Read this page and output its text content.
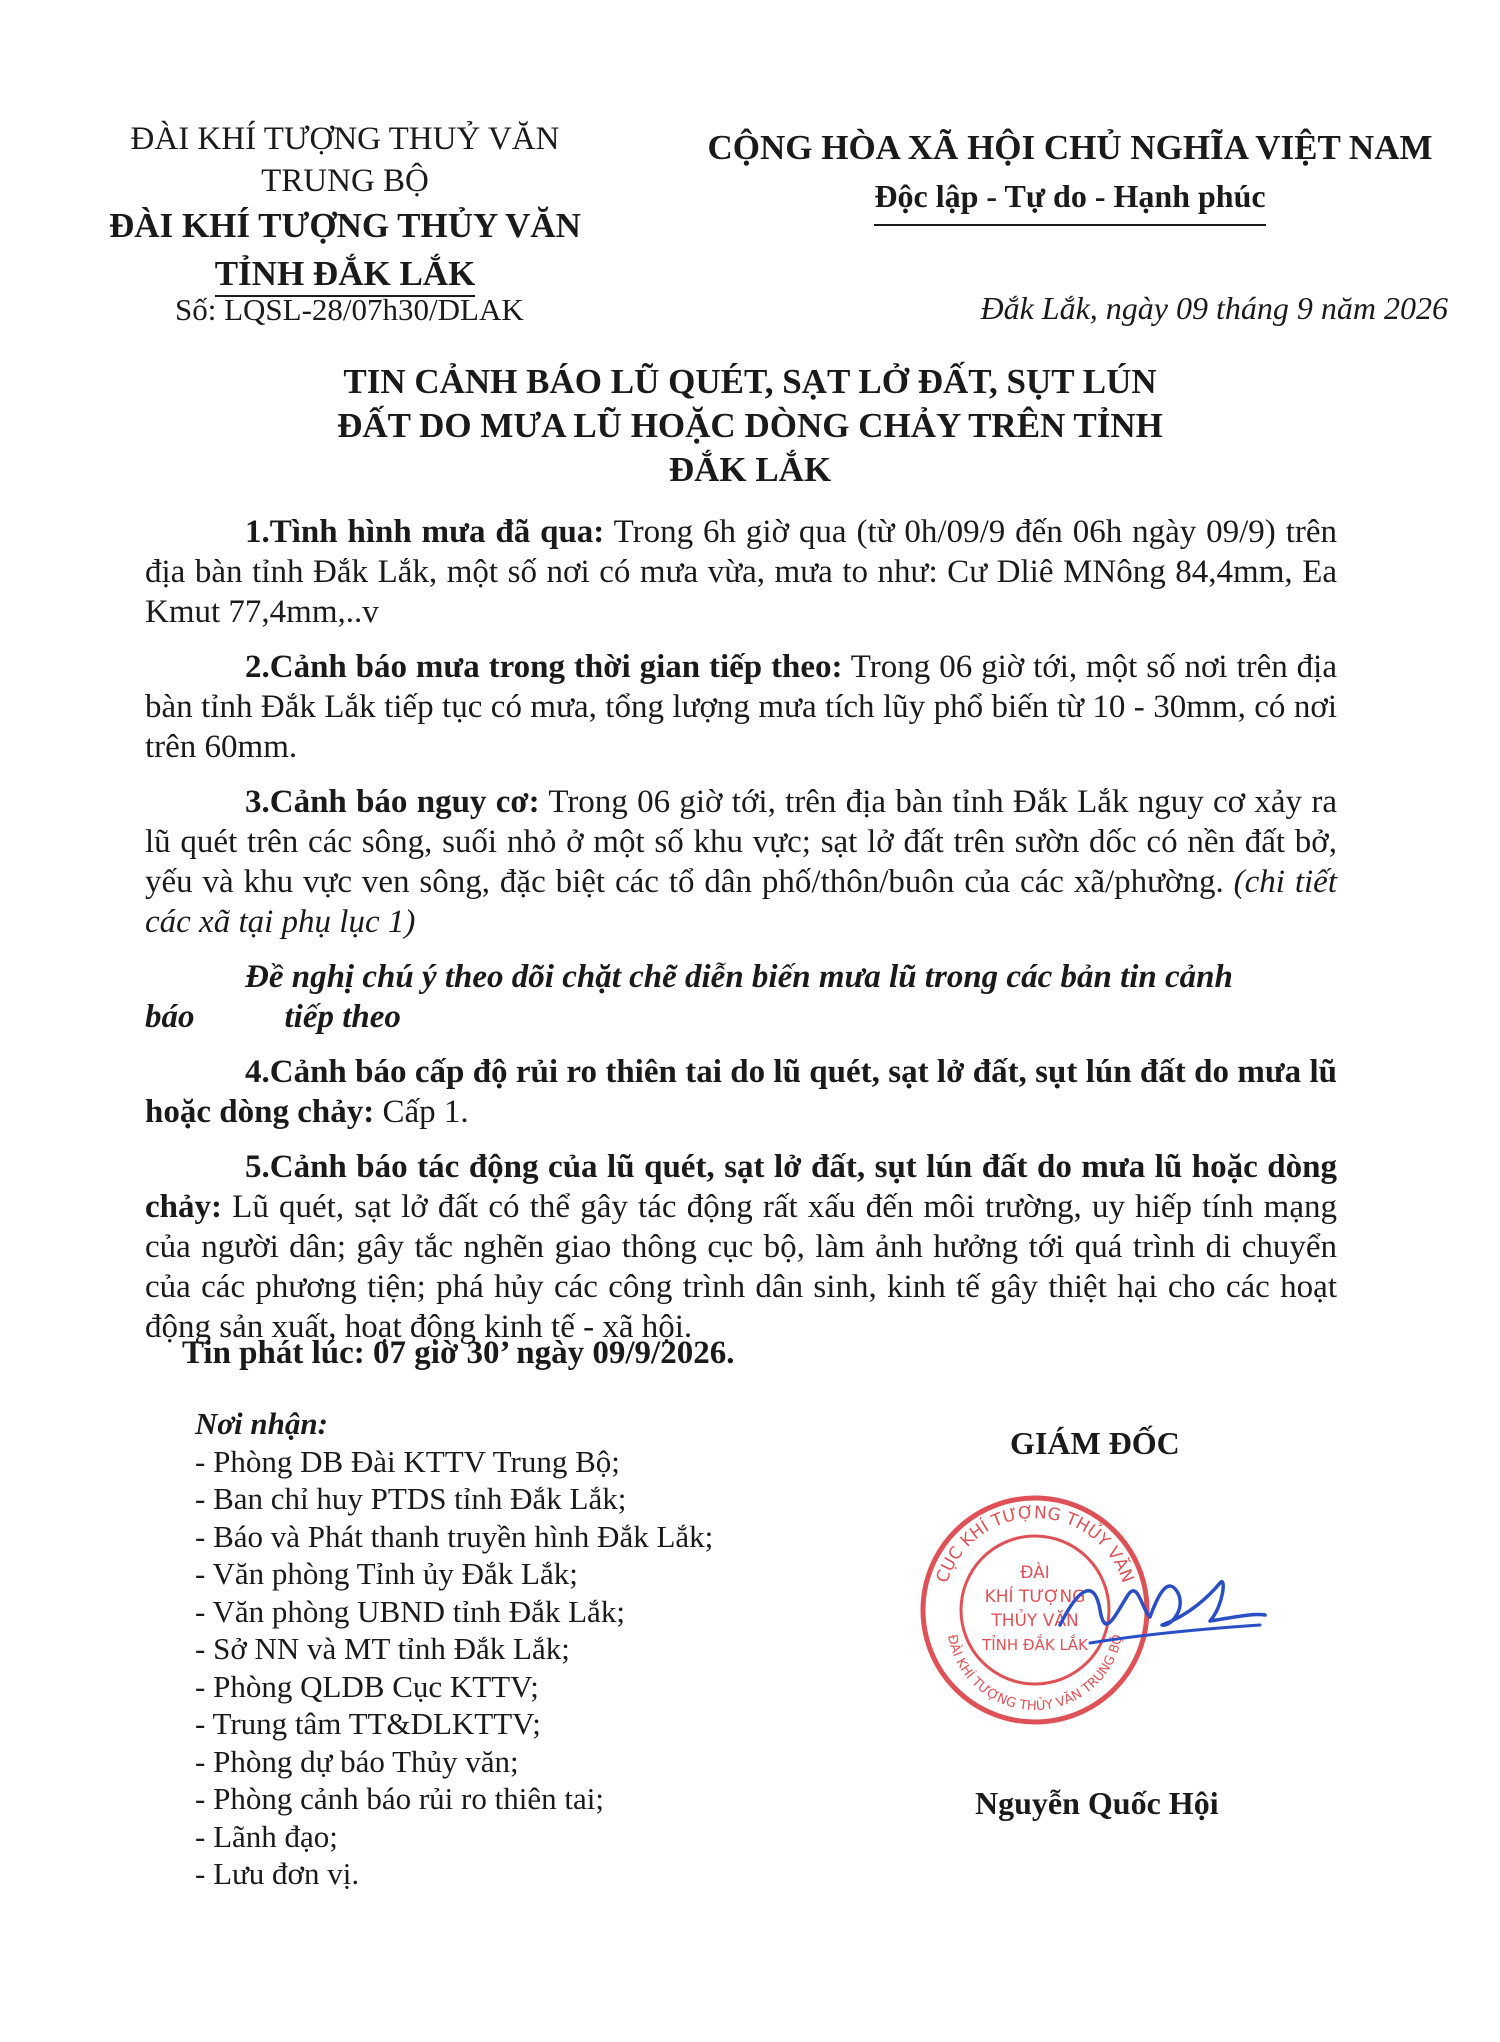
ĐÀI KHÍ TƯỢNG THUỶ VĂN
TRUNG BỘ
ĐÀI KHÍ TƯỢNG THỦY VĂN
TỈNH ĐẮK LẮK
CỘNG HÒA XÃ HỘI CHỦ NGHĨA VIỆT NAM
Độc lập - Tự do - Hạnh phúc
Số: LQSL-28/07h30/DLAK	Đắk Lắk, ngày 09 tháng 9 năm 2026
TIN CẢNH BÁO LŨ QUÉT, SẠT LỞ ĐẤT, SỤT LÚN
ĐẤT DO MƯA LŨ HOẶC DÒNG CHẢY TRÊN TỈNH
ĐẮK LẮK

1.Tình hình mưa đã qua: Trong 6h giờ qua (từ 0h/09/9 đến 06h ngày 09/9) trên địa bàn tỉnh Đắk Lắk, một số nơi có mưa vừa, mưa to như: Cư Dliê MNông 84,4mm, Ea Kmut 77,4mm,..v

2.Cảnh báo mưa trong thời gian tiếp theo: Trong 06 giờ tới, một số nơi trên địa bàn tỉnh Đắk Lắk tiếp tục có mưa, tổng lượng mưa tích lũy phổ biến từ 10 - 30mm, có nơi trên 60mm.

3.Cảnh báo nguy cơ: Trong 06 giờ tới, trên địa bàn tỉnh Đắk Lắk nguy cơ xảy ra lũ quét trên các sông, suối nhỏ ở một số khu vực; sạt lở đất trên sườn dốc có nền đất bở, yếu và khu vực ven sông, đặc biệt các tổ dân phố/thôn/buôn của các xã/phường. (chi tiết các xã tại phụ lục 1)

Đề nghị chú ý theo dõi chặt chẽ diễn biến mưa lũ trong các bản tin cảnh
báo	tiếp theo

4.Cảnh báo cấp độ rủi ro thiên tai do lũ quét, sạt lở đất, sụt lún đất do mưa lũ hoặc dòng chảy: Cấp 1.

5.Cảnh báo tác động của lũ quét, sạt lở đất, sụt lún đất do mưa lũ hoặc dòng chảy: Lũ quét, sạt lở đất có thể gây tác động rất xấu đến môi trường, uy hiếp tính mạng của người dân; gây tắc nghẽn giao thông cục bộ, làm ảnh hưởng tới quá trình di chuyển của các phương tiện; phá hủy các công trình dân sinh, kinh tế gây thiệt hại cho các hoạt động sản xuất, hoạt động kinh tế - xã hội.

Tin phát lúc: 07 giờ 30’ ngày 09/9/2026.
Nơi nhận:
- Phòng DB Đài KTTV Trung Bộ;
- Ban chỉ huy PTDS tỉnh Đắk Lắk;
- Báo và Phát thanh truyền hình Đắk Lắk;
- Văn phòng Tỉnh ủy Đắk Lắk;
- Văn phòng UBND tỉnh Đắk Lắk;
- Sở NN và MT tỉnh Đắk Lắk;
- Phòng QLDB Cục KTTV;
- Trung tâm TT&DLKTTV;
- Phòng dự báo Thủy văn;
- Phòng cảnh báo rủi ro thiên tai;
- Lãnh đạo;
- Lưu đơn vị.
GIÁM ĐỐC
CỤC KHÍ TƯỢNG THỦY VĂN
ĐÀI KHÍ TƯỢNG THỦY VĂN TRUNG BỘ
ĐÀI
KHÍ TƯỢNG
THỦY VĂN
TỈNH ĐẮK LẮK
Nguyễn Quốc Hội
